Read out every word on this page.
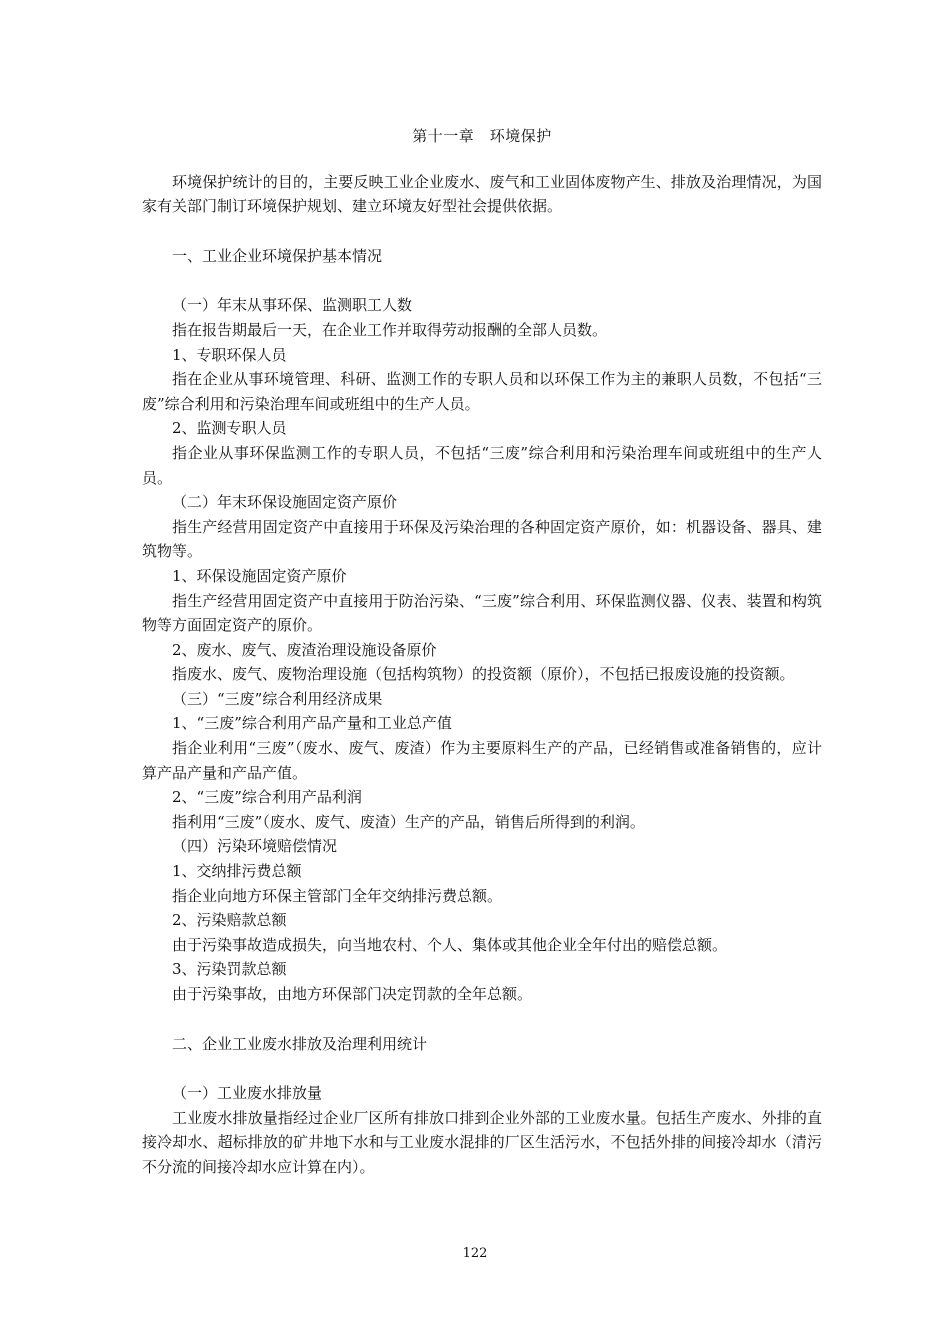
第十一章　环境保护

环境保护统计的目的，主要反映工业企业废水、废气和工业固体废物产生、排放及治理情况，为国家有关部门制订环境保护规划、建立环境友好型社会提供依据。

一、工业企业环境保护基本情况

（一）年末从事环保、监测职工人数

指在报告期最后一天，在企业工作并取得劳动报酬的全部人员数。

1、专职环保人员

指在企业从事环境管理、科研、监测工作的专职人员和以环保工作为主的兼职人员数，不包括“三废”综合利用和污染治理车间或班组中的生产人员。

2、监测专职人员

指企业从事环保监测工作的专职人员，不包括“三废”综合利用和污染治理车间或班组中的生产人员。

（二）年末环保设施固定资产原价

指生产经营用固定资产中直接用于环保及污染治理的各种固定资产原价，如：机器设备、器具、建筑物等。

1、环保设施固定资产原价

指生产经营用固定资产中直接用于防治污染、“三废”综合利用、环保监测仪器、仪表、装置和构筑物等方面固定资产的原价。

2、废水、废气、废渣治理设施设备原价

指废水、废气、废物治理设施（包括构筑物）的投资额（原价），不包括已报废设施的投资额。

（三）“三废”综合利用经济成果

1、“三废”综合利用产品产量和工业总产值

指企业利用“三废”（废水、废气、废渣）作为主要原料生产的产品，已经销售或准备销售的，应计算产品产量和产品产值。

2、“三废”综合利用产品利润

指利用“三废”（废水、废气、废渣）生产的产品，销售后所得到的利润。

（四）污染环境赔偿情况

1、交纳排污费总额

指企业向地方环保主管部门全年交纳排污费总额。

2、污染赔款总额

由于污染事故造成损失，向当地农村、个人、集体或其他企业全年付出的赔偿总额。

3、污染罚款总额

由于污染事故，由地方环保部门决定罚款的全年总额。

二、企业工业废水排放及治理利用统计

（一）工业废水排放量

工业废水排放量指经过企业厂区所有排放口排到企业外部的工业废水量。包括生产废水、外排的直接冷却水、超标排放的矿井地下水和与工业废水混排的厂区生活污水，不包括外排的间接冷却水（清污不分流的间接冷却水应计算在内）。

122
